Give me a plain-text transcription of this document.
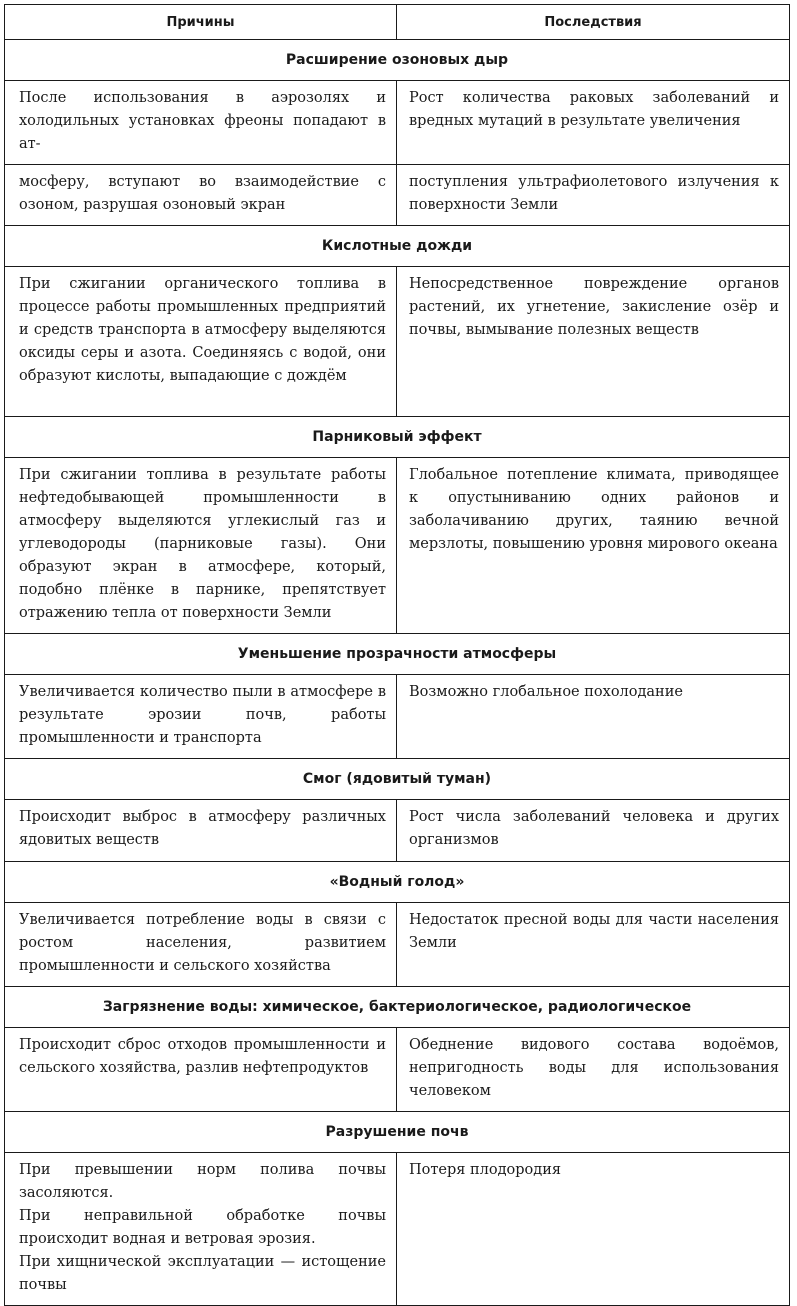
Причины	Последствия
Расширение озоновых дыр	
После использования в аэрозолях и холодильных установках фреоны попадают в ат-	Рост количества раковых заболеваний и вредных мутаций в результате увеличения
мосферу, вступают во взаимодействие с озоном, разрушая озоновый экран	поступления ультрафиолетового излучения к поверхности Земли
Кислотные дожди	
При сжигании органического топлива в процессе работы промышленных предприятий и средств транспорта в атмосферу выделяются оксиды серы и азота. Соединяясь с водой, они образуют кислоты, выпадающие с дождём	Непосредственное повреждение органов растений, их угнетение, закисление озёр и почвы, вымывание полезных веществ
Парниковый эффект	
При сжигании топлива в результате работы нефтедобывающей промышленности в атмосферу выделяются углекислый газ и углеводороды (парниковые газы). Они образуют экран в атмосфере, который, подобно плёнке в парнике, препятствует отражению тепла от поверхности Земли	Глобальное потепление климата, приводящее к опустыниванию одних районов и заболачиванию других, таянию вечной мерзлоты, повышению уровня мирового океана
Уменьшение прозрачности атмосферы	
Увеличивается количество пыли в атмосфере в результате эрозии почв, работы промышленности и транспорта	Возможно глобальное похолодание
Смог (ядовитый туман)	
Происходит выброс в атмосферу различных ядовитых веществ	Рост числа заболеваний человека и других организмов
«Водный голод»	
Увеличивается потребление воды в связи с ростом населения, развитием промышленности и сельского хозяйства	Недостаток пресной воды для части населения Земли
Загрязнение воды: химическое, бактериологическое, радиологическое	
Происходит сброс отходов промышленности и сельского хозяйства, разлив нефтепродуктов	Обеднение видового состава водоёмов, непригодность воды для использования человеком
Разрушение почв	

При превышении норм полива почвы засоляются.
При неправильной обработке почвы происходит водная и ветровая эрозия.
При хищнической эксплуатации — истощение почвы	Потеря плодородия
